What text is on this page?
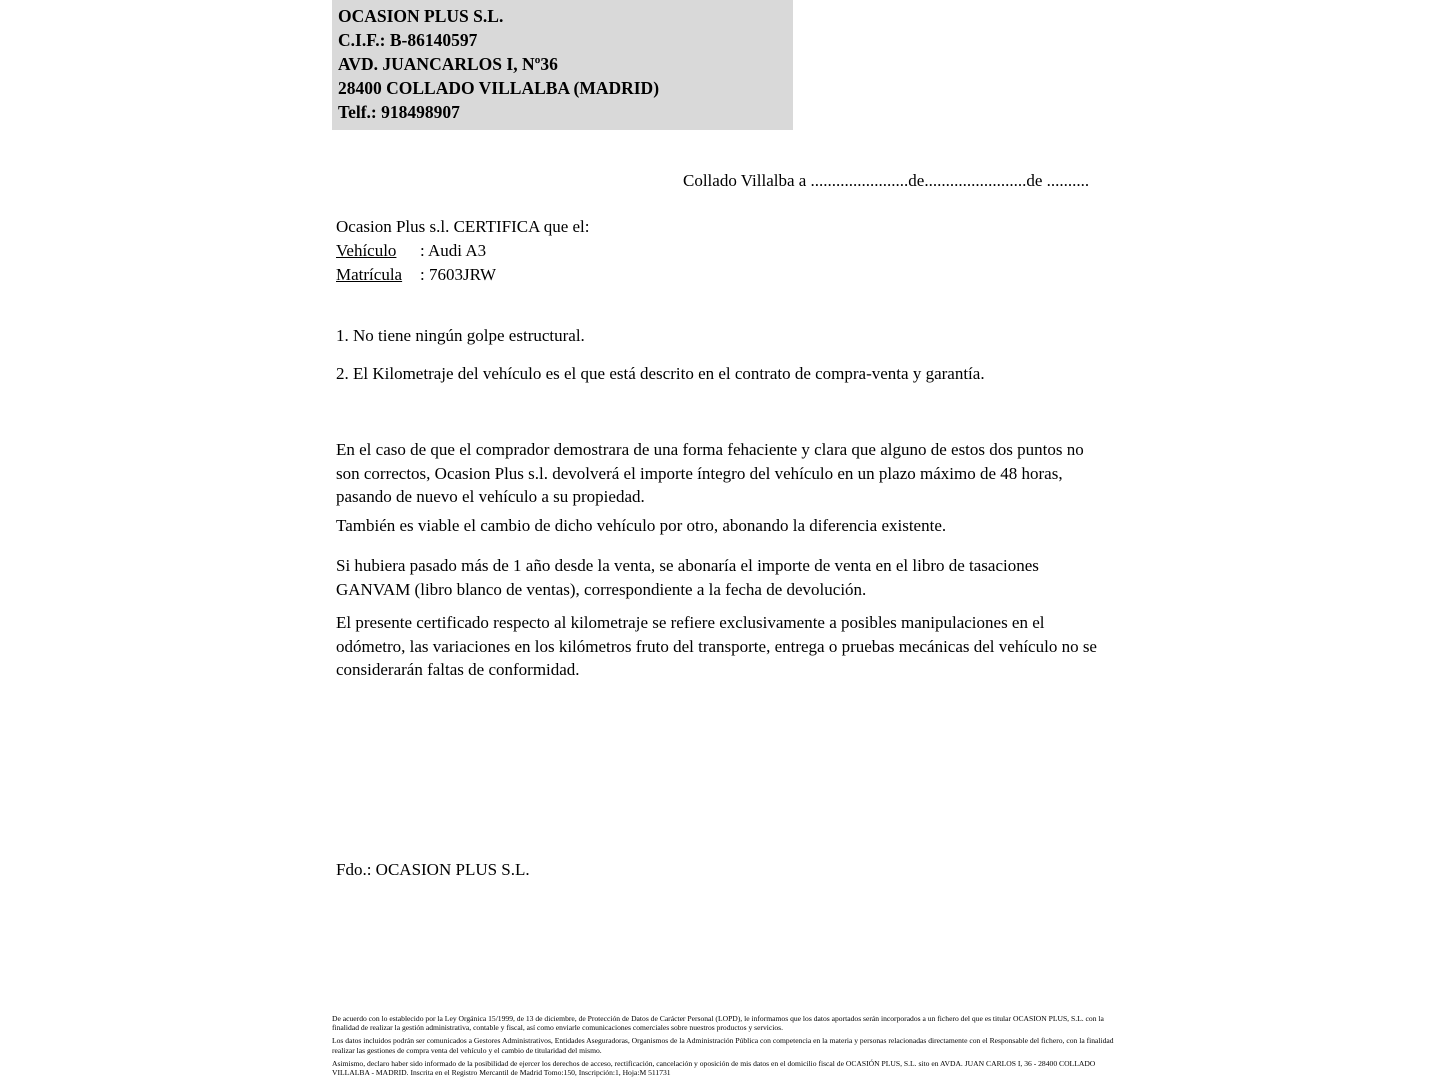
OCASION PLUS S.L.
C.I.F.: B-86140597
AVD. JUANCARLOS I, Nº36
28400 COLLADO VILLALBA (MADRID)
Telf.: 918498907
Collado Villalba a .......................de........................de ..........
Ocasion Plus s.l. CERTIFICA que el:
Vehículo : Audi A3
Matrícula : 7603JRW
1. No tiene ningún golpe estructural.
2. El Kilometraje del vehículo es el que está descrito en el contrato de compra-venta y garantía.
En el caso de que el comprador demostrara de una forma fehaciente y clara que alguno de estos dos puntos no son correctos, Ocasion Plus s.l. devolverá el importe íntegro del vehículo en un plazo máximo de 48 horas, pasando de nuevo el vehículo a su propiedad.
También es viable el cambio de dicho vehículo por otro, abonando la diferencia existente.
Si hubiera pasado más de 1 año desde la venta, se abonaría el importe de venta en el libro de tasaciones GANVAM (libro blanco de ventas), correspondiente a la fecha de devolución.
El presente certificado respecto al kilometraje se refiere exclusivamente a posibles manipulaciones en el odómetro, las variaciones en los kilómetros fruto del transporte, entrega o pruebas mecánicas del vehículo no se considerarán faltas de conformidad.
Fdo.: OCASION PLUS S.L.

De acuerdo con lo establecido por la Ley Orgánica 15/1999, de 13 de diciembre, de Protección de Datos de Carácter Personal (LOPD), le informamos que los datos aportados serán incorporados a un fichero del que es titular OCASION PLUS, S.L. con la finalidad de realizar la gestión administrativa, contable y fiscal, así como enviarle comunicaciones comerciales sobre nuestros productos y servicios.

Los datos incluidos podrán ser comunicados a Gestores Administrativos, Entidades Aseguradoras, Organismos de la Administración Pública con competencia en la materia y personas relacionadas directamente con el Responsable del fichero, con la finalidad realizar las gestiones de compra venta del vehículo y el cambio de titularidad del mismo.

Asimismo, declaro haber sido informado de la posibilidad de ejercer los derechos de acceso, rectificación, cancelación y oposición de mis datos en el domicilio fiscal de OCASIÓN PLUS, S.L. sito en AVDA. JUAN CARLOS I, 36 - 28400 COLLADO VILLALBA - MADRID. Inscrita en el Registro Mercantil de Madrid Tomo:150, Inscripción:1, Hoja:M 511731
